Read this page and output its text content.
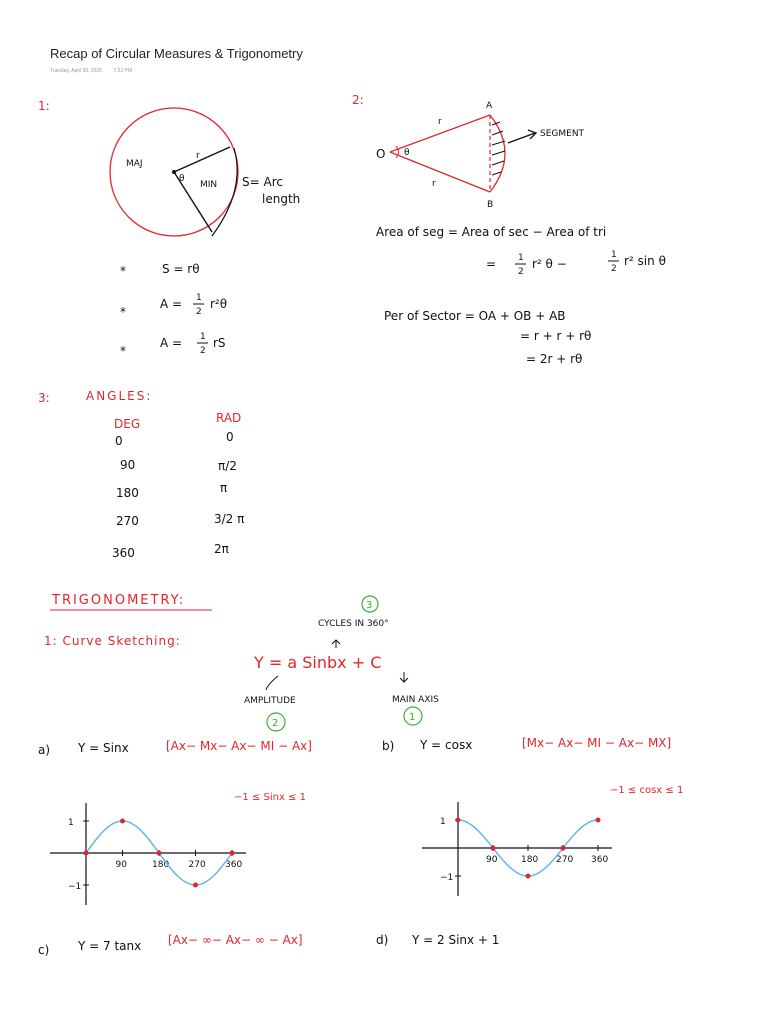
Recap of Circular Measures & Trigonometry
Tuesday, April 29, 2025 7:22 PM
1:
MAJ
MIN
r
θ	S= Arc
length
*	S = rθ
*
A = 1
2
r²θ
*
A = 1
2
rS
2:
SEGMENT
O
A
B
θ
r
r
Area of seg = Area of sec − Area of tri
= 1
2
r² θ −
1
2
r² sin θ
Per of Sector = OA + OB + AB
= r + r + rθ
= 2r + rθ
3:	ANGLES:
DEG	RAD
0	0
90	π/2
180	π
270	3/2 π
360	2π
TRIGONOMETRY:
1: Curve Sketching:
3
CYCLES IN 360°
Y = a Sinbx + C
AMPLITUDE
2
MAIN AXIS
1
a) Y = Sinx	[Ax− Mx− Ax− MI − Ax]	b) Y = cosx	[Mx− Ax− MI − Ax− MX]
−1 ≤ Sinx ≤ 1
−1 ≤ cosx ≤ 1
c) Y = 7 tanx [Ax− ∞− Ax− ∞ − Ax]	d) Y = 2 Sinx + 1
1
−1
90	180 270 360
1
−1
90	180 270 360
